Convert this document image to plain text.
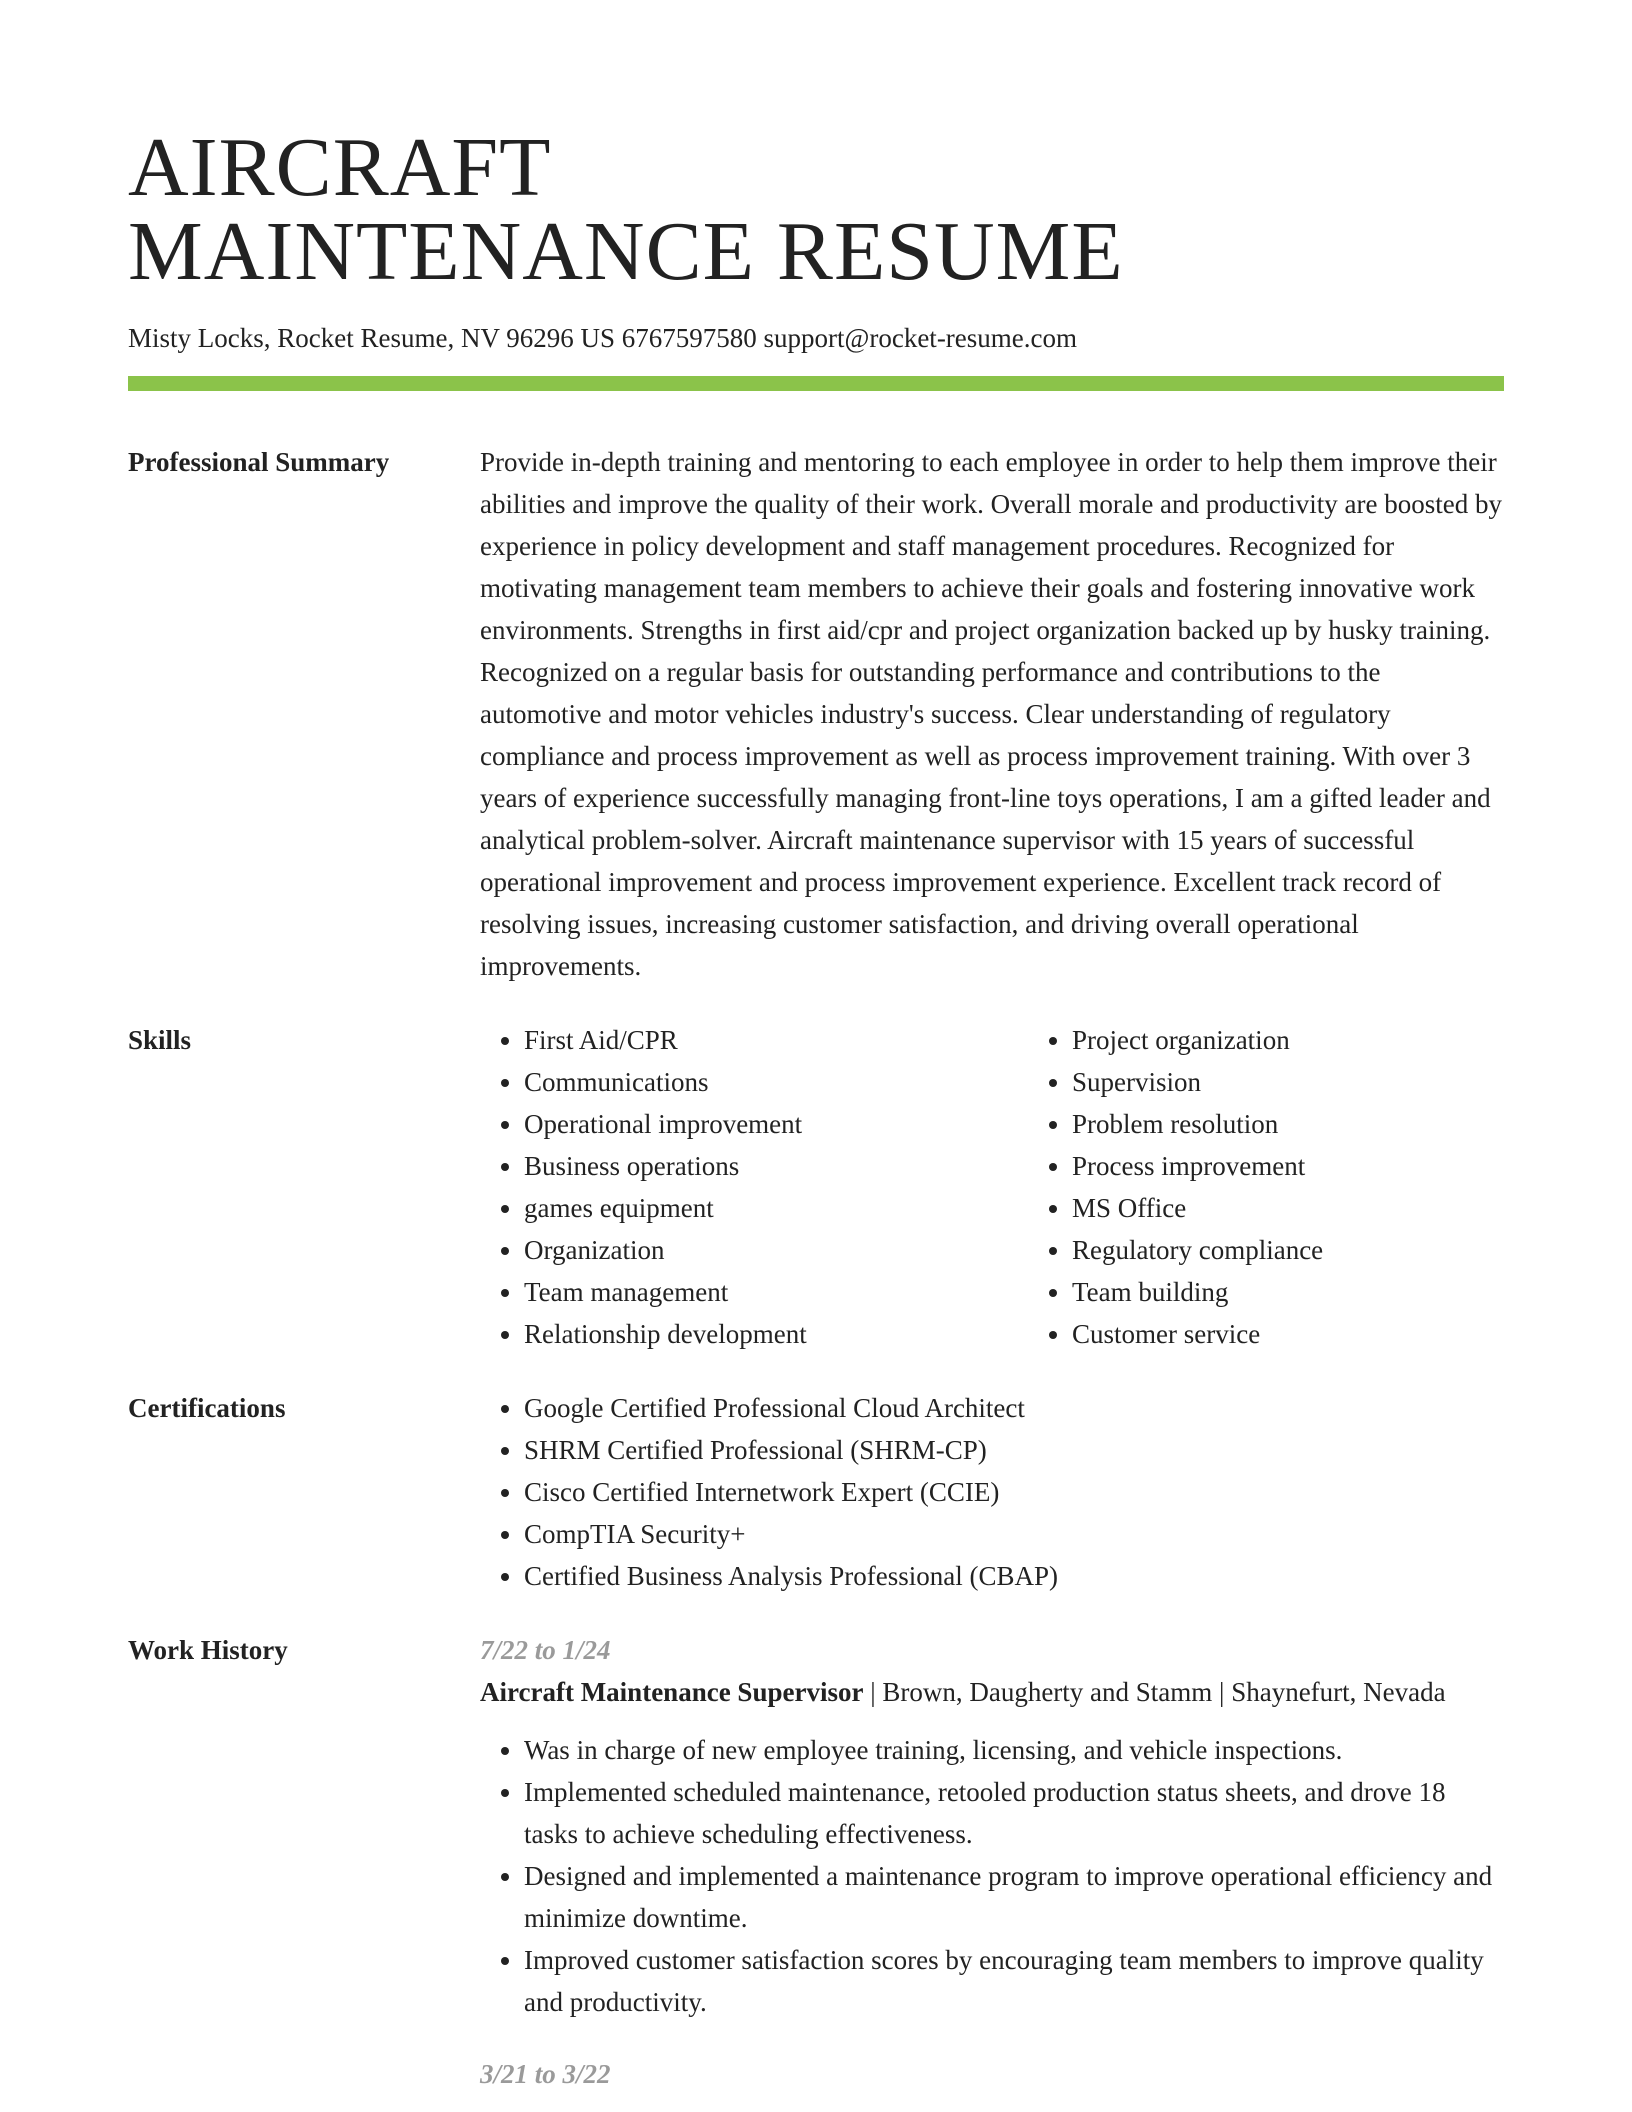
AIRCRAFT
MAINTENANCE RESUME
Misty Locks, Rocket Resume, NV 96296 US 6767597580 support@rocket-resume.com
Professional Summary	Provide in-depth training and mentoring to each employee in order to help them improve their abilities and improve the quality of their work. Overall morale and productivity are boosted by experience in policy development and staff management procedures. Recognized for motivating management team members to achieve their goals and fostering innovative work environments. Strengths in first aid/cpr and project organization backed up by husky training. Recognized on a regular basis for outstanding performance and contributions to the automotive and motor vehicles industry's success. Clear understanding of regulatory compliance and process improvement as well as process improvement training. With over 3 years of experience successfully managing front-line toys operations, I am a gifted leader and analytical problem-solver. Aircraft maintenance supervisor with 15 years of successful operational improvement and process improvement experience. Excellent track record of resolving issues, increasing customer satisfaction, and driving overall operational improvements.
Skills	• First Aid/CPR
• Communications
• Operational improvement
• Business operations
• games equipment
• Organization
• Team management
• Relationship development
• Project organization
• Supervision
• Problem resolution
• Process improvement
• MS Office
• Regulatory compliance
• Team building
• Customer service
Certifications	• Google Certified Professional Cloud Architect
• SHRM Certified Professional (SHRM-CP)
• Cisco Certified Internetwork Expert (CCIE)
• CompTIA Security+
• Certified Business Analysis Professional (CBAP)
Work History	7/22 to 1/24
Aircraft Maintenance Supervisor | Brown, Daugherty and Stamm | Shaynefurt, Nevada
• Was in charge of new employee training, licensing, and vehicle inspections.
• Implemented scheduled maintenance, retooled production status sheets, and drove 18 tasks to achieve scheduling effectiveness.
• Designed and implemented a maintenance program to improve operational efficiency and minimize downtime.
• Improved customer satisfaction scores by encouraging team members to improve quality and productivity.
3/21 to 3/22
